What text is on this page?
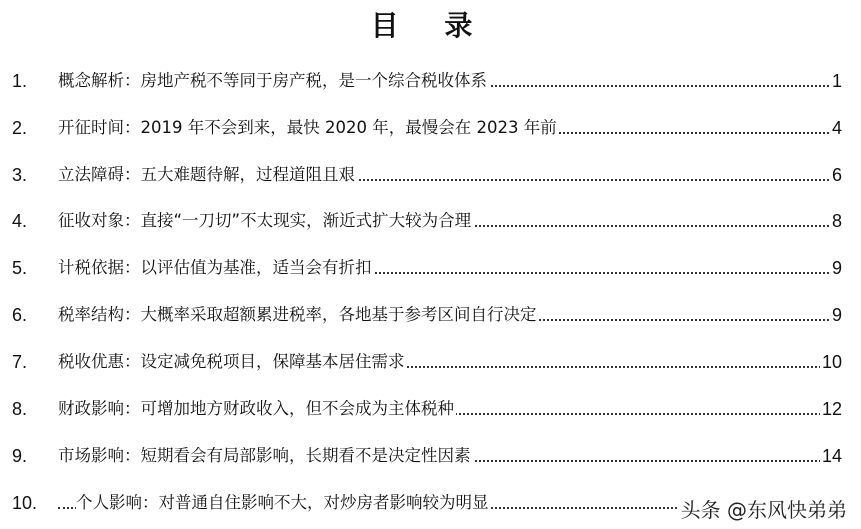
目 录
1. 概念解析：房地产税不等同于房产税，是一个综合税收体系	1
2. 开征时间：2019 年不会到来，最快 2020 年，最慢会在 2023 年前	4
3. 立法障碍：五大难题待解，过程道阻且艰	6
4. 征收对象：直接“一刀切”不太现实，渐近式扩大较为合理	8
5. 计税依据：以评估值为基准，适当会有折扣	9
6. 税率结构：大概率采取超额累进税率，各地基于参考区间自行决定	9
7. 税收优惠：设定减免税项目，保障基本居住需求	10
8. 财政影响：可增加地方财政收入，但不会成为主体税种	12
9. 市场影响：短期看会有局部影响，长期看不是决定性因素	14
10. 个人影响：对普通自住影响不大，对炒房者影响较为明显	头条 @东风快弟弟
